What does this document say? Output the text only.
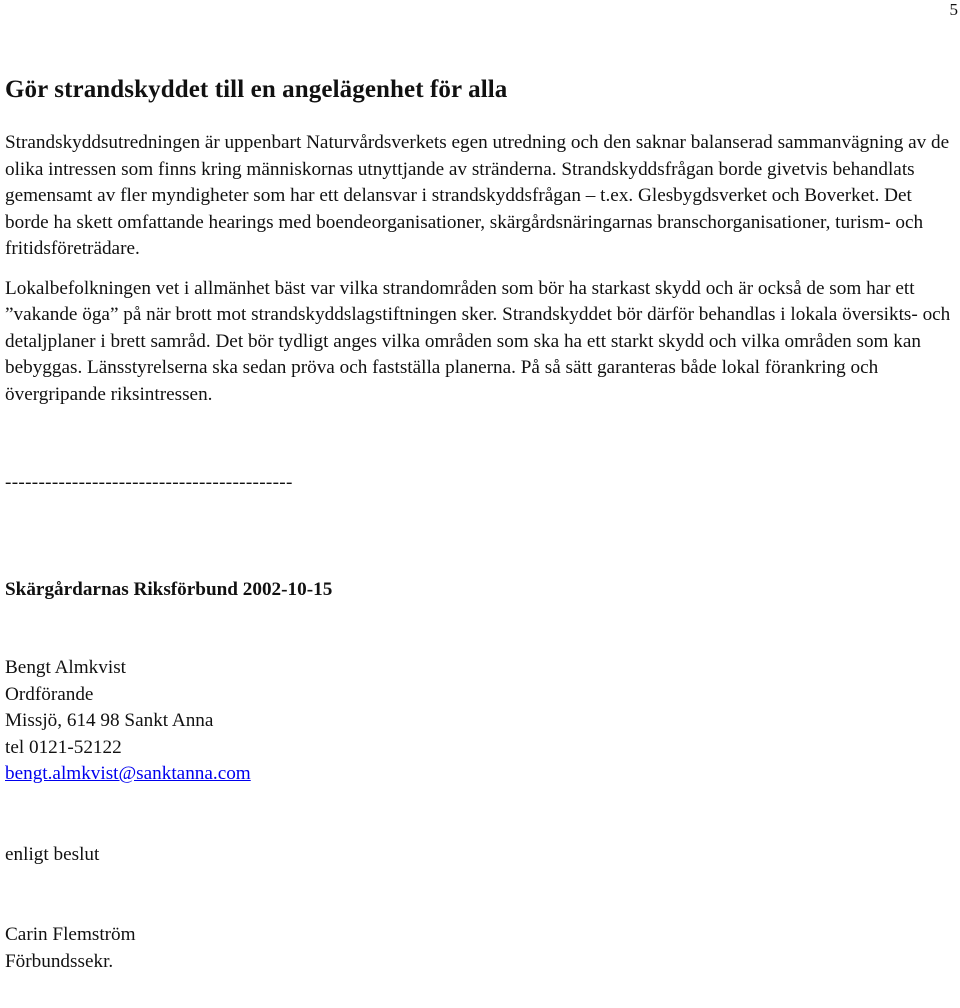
5
Gör strandskyddet till en angelägenhet för alla

Strandskyddsutredningen är uppenbart Naturvårdsverkets egen utredning och den saknar balanserad sammanvägning av de olika intressen som finns kring människornas utnyttjande av stränderna. Strandskyddsfrågan borde givetvis behandlats gemensamt av fler myndigheter som har ett delansvar i strandskyddsfrågan – t.ex. Glesbygdsverket och Boverket. Det borde ha skett omfattande hearings med boendeorganisationer, skärgårdsnäringarnas branschorganisationer, turism- och fritidsföreträdare.

Lokalbefolkningen vet i allmänhet bäst var vilka strandområden som bör ha starkast skydd och är också de som har ett ”vakande öga” på när brott mot strandskyddslagstiftningen sker. Strandskyddet bör därför behandlas i lokala översikts- och detaljplaner i brett samråd. Det bör tydligt anges vilka områden som ska ha ett starkt skydd och vilka områden som kan bebyggas. Länsstyrelserna ska sedan pröva och fastställa planerna. På så sätt garanteras både lokal förankring och övergripande riksintressen.

-------------------------------------------

Skärgårdarnas Riksförbund 2002-10-15

Bengt Almkvist

Ordförande

Missjö, 614 98 Sankt Anna

tel 0121-52122

bengt.almkvist@sanktanna.com

enligt beslut

Carin Flemström

Förbundssekr.
